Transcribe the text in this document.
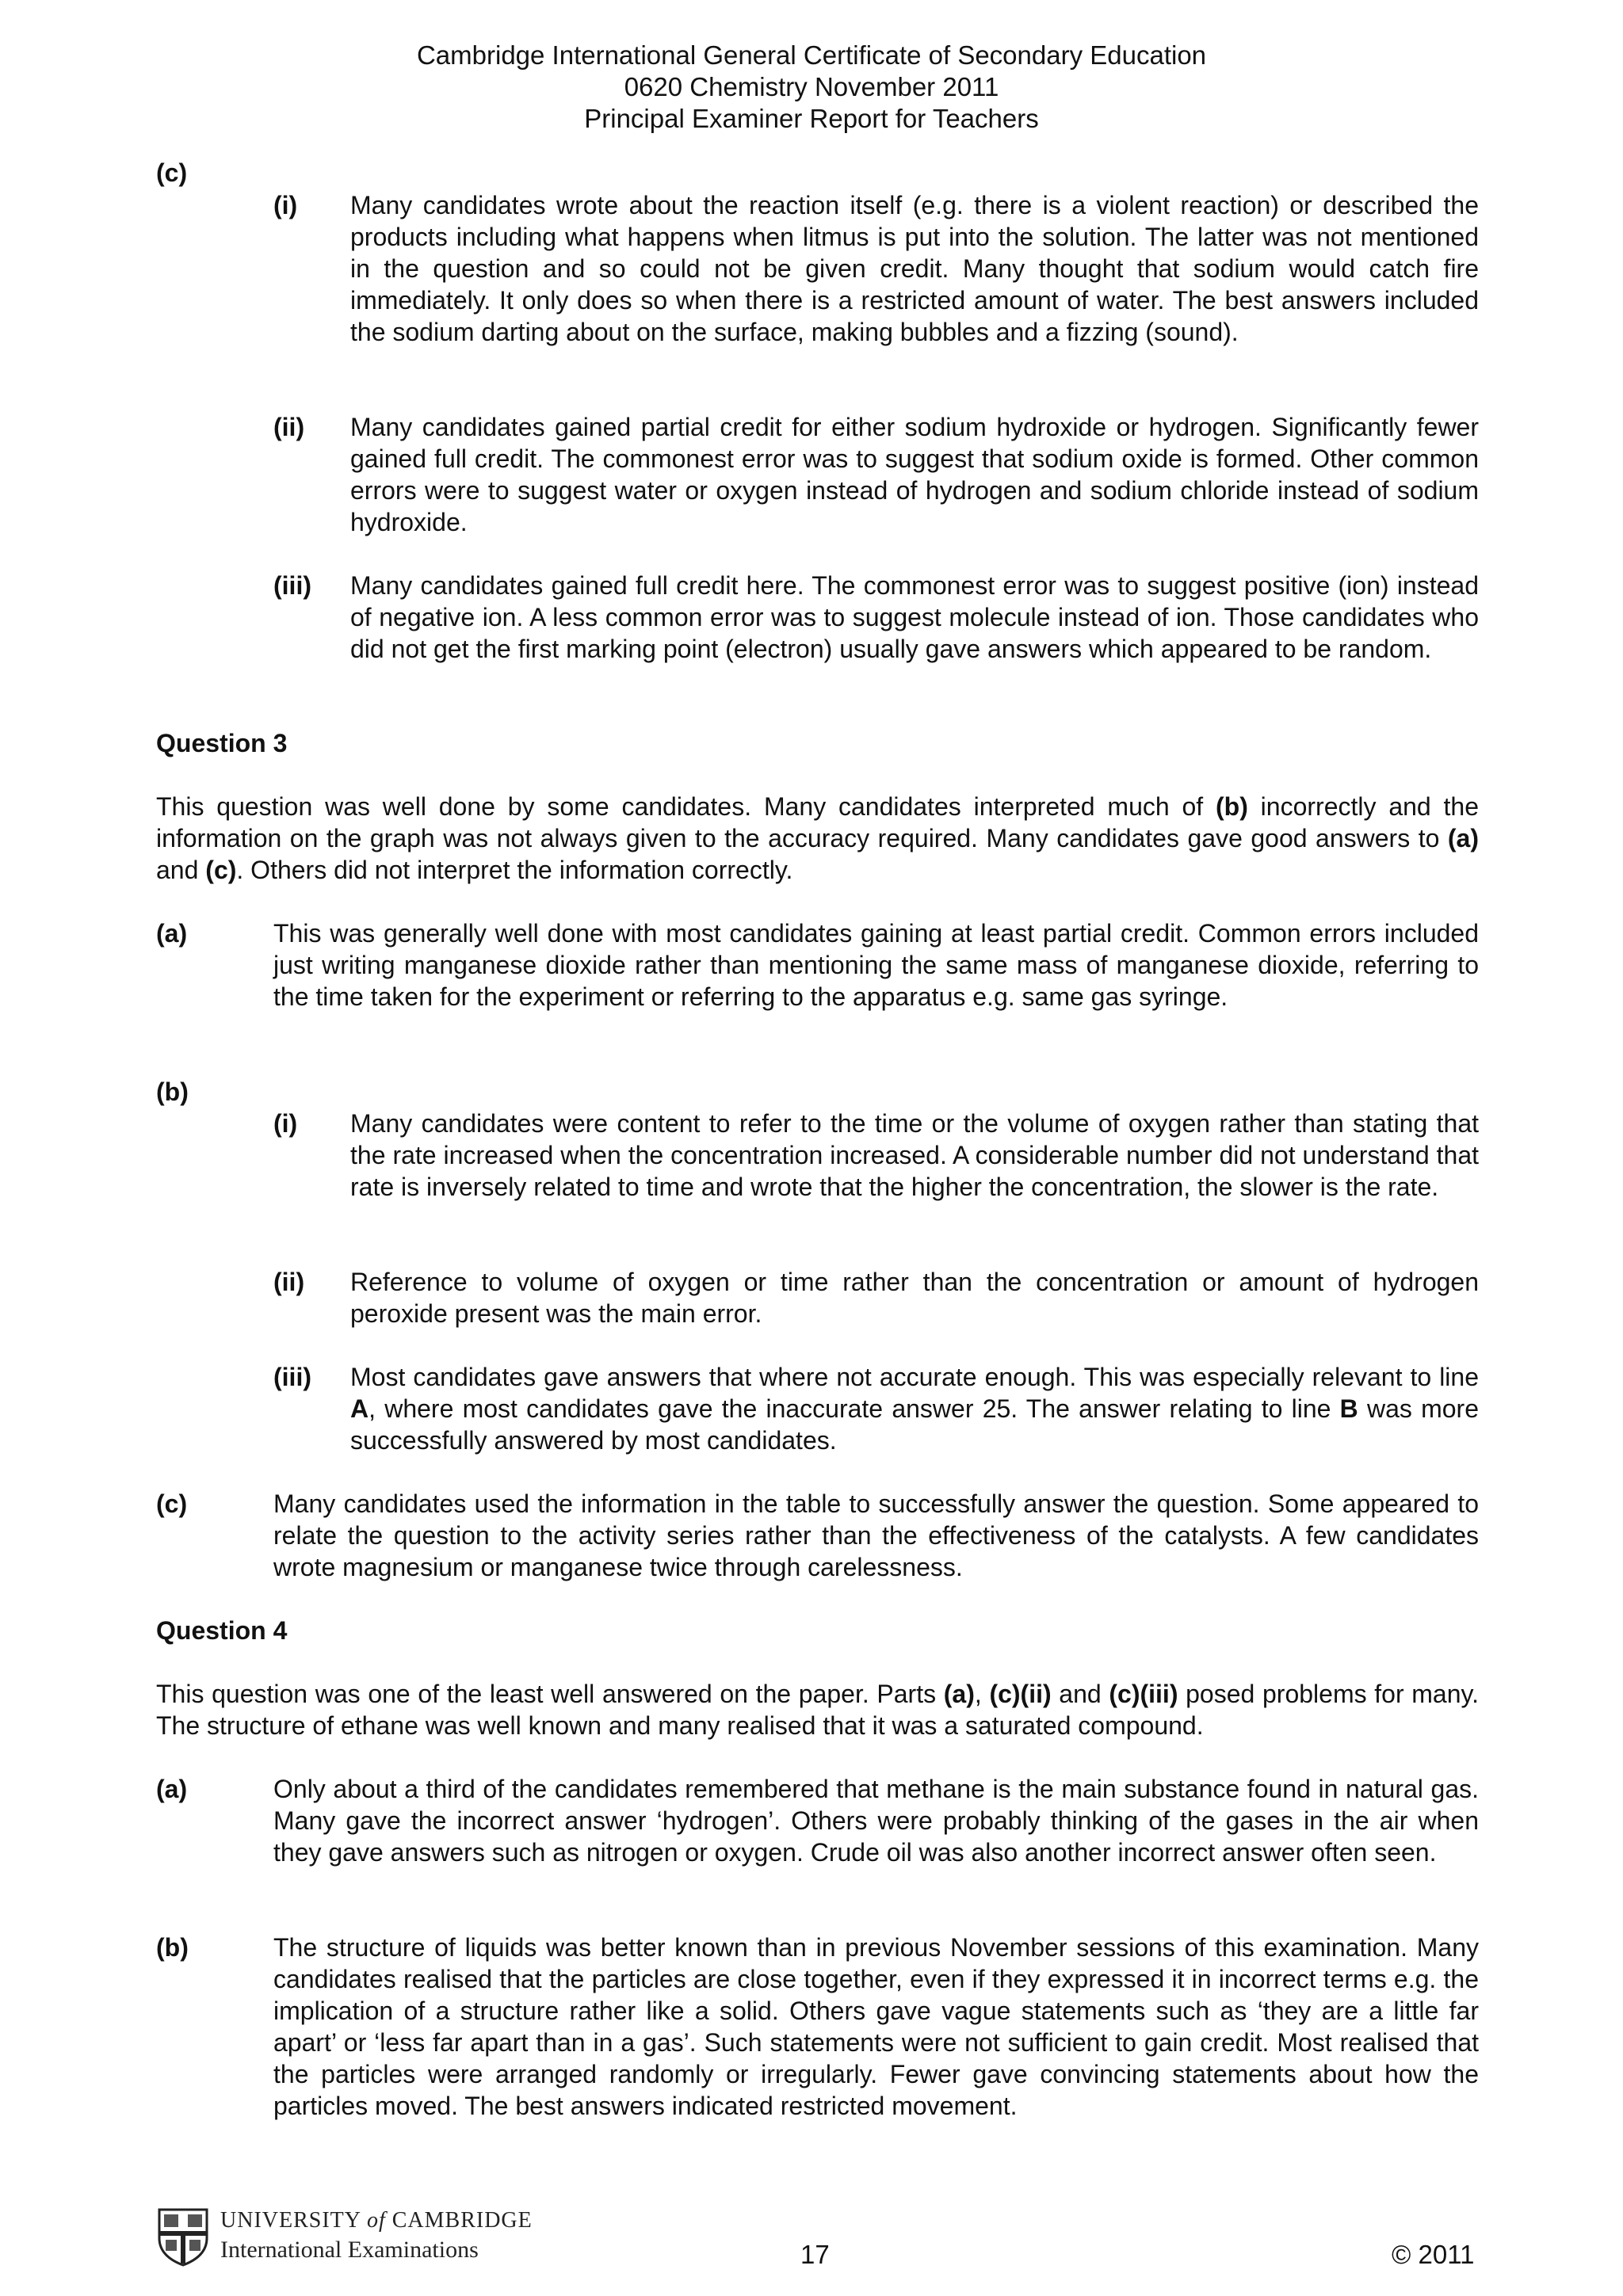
Cambridge International General Certificate of Secondary Education
0620 Chemistry November 2011
Principal Examiner Report for Teachers
(c)
(i) Many candidates wrote about the reaction itself (e.g. there is a violent reaction) or described the products including what happens when litmus is put into the solution. The latter was not mentioned in the question and so could not be given credit. Many thought that sodium would catch fire immediately. It only does so when there is a restricted amount of water. The best answers included the sodium darting about on the surface, making bubbles and a fizzing (sound).

(ii) Many candidates gained partial credit for either sodium hydroxide or hydrogen. Significantly fewer gained full credit. The commonest error was to suggest that sodium oxide is formed. Other common errors were to suggest water or oxygen instead of hydrogen and sodium chloride instead of sodium hydroxide.

(iii) Many candidates gained full credit here. The commonest error was to suggest positive (ion) instead of negative ion. A less common error was to suggest molecule instead of ion. Those candidates who did not get the first marking point (electron) usually gave answers which appeared to be random.

Question 3

This question was well done by some candidates. Many candidates interpreted much of (b) incorrectly and the information on the graph was not always given to the accuracy required. Many candidates gave good answers to (a) and (c). Others did not interpret the information correctly.

(a)	This was generally well done with most candidates gaining at least partial credit. Common errors included just writing manganese dioxide rather than mentioning the same mass of manganese dioxide, referring to the time taken for the experiment or referring to the apparatus e.g. same gas syringe.

(b)
(i) Many candidates were content to refer to the time or the volume of oxygen rather than stating that the rate increased when the concentration increased. A considerable number did not understand that rate is inversely related to time and wrote that the higher the concentration, the slower is the rate.

(ii) Reference to volume of oxygen or time rather than the concentration or amount of hydrogen peroxide present was the main error.

(iii) Most candidates gave answers that where not accurate enough. This was especially relevant to line A, where most candidates gave the inaccurate answer 25. The answer relating to line B was more successfully answered by most candidates.

(c)	Many candidates used the information in the table to successfully answer the question. Some appeared to relate the question to the activity series rather than the effectiveness of the catalysts. A few candidates wrote magnesium or manganese twice through carelessness.

Question 4

This question was one of the least well answered on the paper. Parts (a), (c)(ii) and (c)(iii) posed problems for many. The structure of ethane was well known and many realised that it was a saturated compound.

(a)	Only about a third of the candidates remembered that methane is the main substance found in natural gas. Many gave the incorrect answer ‘hydrogen’. Others were probably thinking of the gases in the air when they gave answers such as nitrogen or oxygen. Crude oil was also another incorrect answer often seen.

(b)	The structure of liquids was better known than in previous November sessions of this examination. Many candidates realised that the particles are close together, even if they expressed it in incorrect terms e.g. the implication of a structure rather like a solid. Others gave vague statements such as ‘they are a little far apart’ or ‘less far apart than in a gas’. Such statements were not sufficient to gain credit. Most realised that the particles were arranged randomly or irregularly. Fewer gave convincing statements about how the particles moved. The best answers indicated restricted movement.

UNIVERSITY of CAMBRIDGE
International Examinations	17	© 2011
